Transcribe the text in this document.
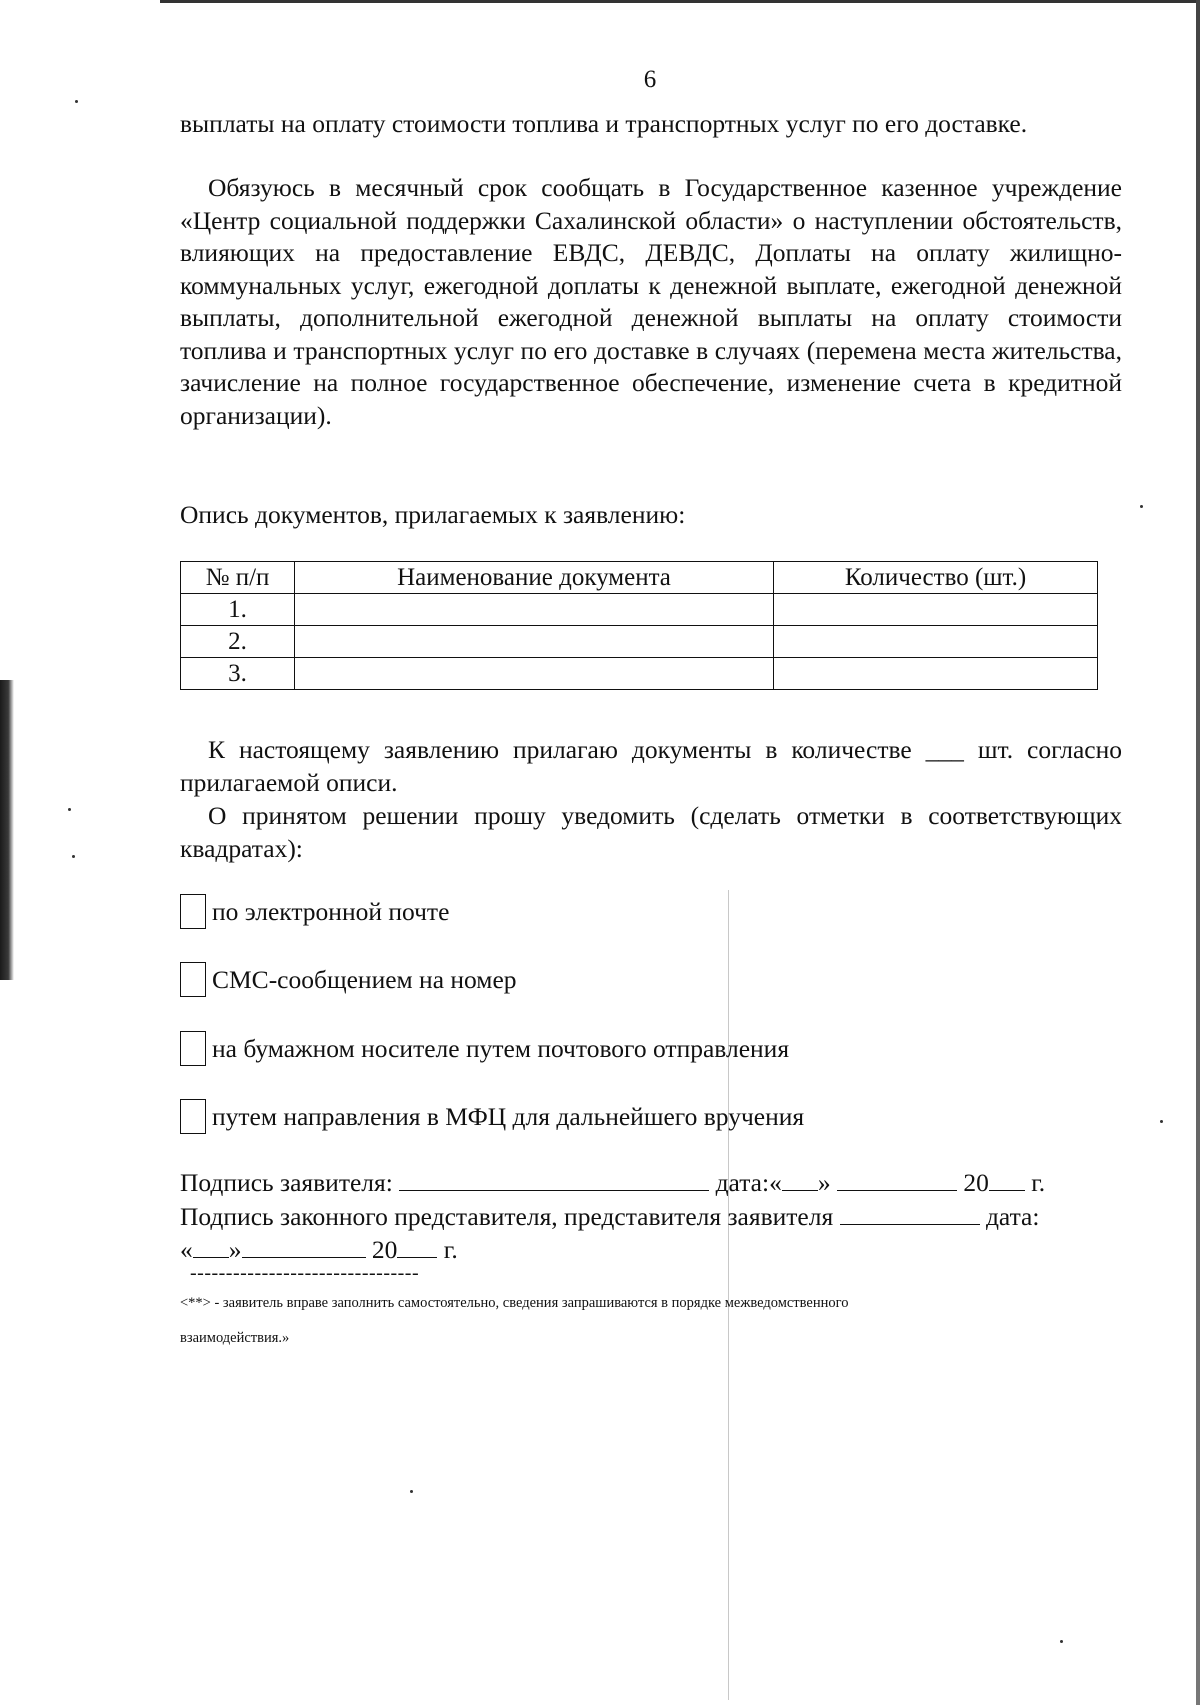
6

выплаты на оплату стоимости топлива и транспортных услуг по его доставке.

Обязуюсь в месячный срок сообщать в Государственное казенное учреждение «Центр социальной поддержки Сахалинской области» о наступлении обстоятельств, влияющих на предоставление ЕВДС, ДЕВДС, Доплаты на оплату жилищно-коммунальных услуг, ежегодной доплаты к денежной выплате, ежегодной денежной выплаты, дополнительной ежегодной денежной выплаты на оплату стоимости топлива и транспортных услуг по его доставке в случаях (перемена места жительства, зачисление на полное государственное обеспечение, изменение счета в кредитной организации).

Опись документов, прилагаемых к заявлению:
№ п/п	Наименование документа	Количество (шт.)
1.		
2.		
3.		

К настоящему заявлению прилагаю документы в количестве ___ шт. согласно прилагаемой описи.

О принятом решении прошу уведомить (сделать отметки в соответствующих квадратах):

по электронной почте
СМС-сообщением на номер
на бумажном носителе путем почтового отправления
путем направления в МФЦ для дальнейшего вручения
Подпись заявителя:	дата:« »	20 г.
Подпись законного представителя, представителя заявителя	дата:
« »	20 г.
--------------------------------
<**> - заявитель вправе заполнить самостоятельно, сведения запрашиваются в порядке межведомственного
взаимодействия.»
